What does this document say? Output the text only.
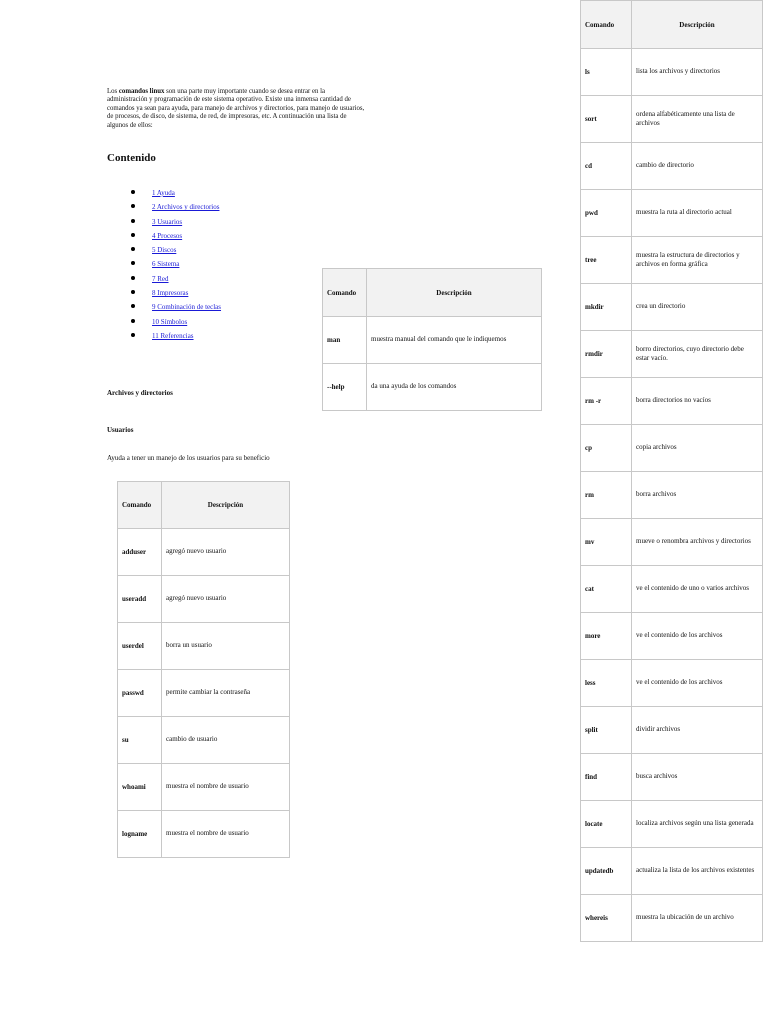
Los comandos linux son una parte muy importante cuando se desea entrar en la administración y programación de este sistema operativo. Existe una inmensa cantidad de comandos ya sean para ayuda, para manejo de archivos y directorios, para manejo de usuarios, de procesos, de disco, de sistema, de red, de impresoras, etc. A continuación una lista de algunos de ellos:

Contenido
1 Ayuda
2 Archivos y directorios
3 Usuarios
4 Procesos
5 Discos
6 Sistema
7 Red
8 Impresoras
9 Combinación de teclas
10 Símbolos
11 Referencias
Comando	Descripción
man	muestra manual del comando que le indiquemos
--help	da una ayuda de los comandos
Archivos y directorios
Usuarios

Ayuda a tener un manejo de los usuarios para su beneficio

Comando	Descripción
adduser	agregó nuevo usuario
useradd	agregó nuevo usuario
userdel	borra un usuario
passwd	permite cambiar la contraseña
su	cambio de usuario
whoami	muestra el nombre de usuario
logname	muestra el nombre de usuario
Comando	Descripción
ls	lista los archivos y directorios
sort	ordena alfabéticamente una lista de archivos
cd	cambio de directorio
pwd	muestra la ruta al directorio actual
tree	muestra la estructura de directorios y archivos en forma gráfica
mkdir	crea un directorio
rmdir	borro directorios, cuyo directorio debe estar vacío.
rm -r	borra directorios no vacíos
cp	copia archivos
rm	borra archivos
mv	mueve o renombra archivos y directorios
cat	ve el contenido de uno o varios archivos
more	ve el contenido de los archivos
less	ve el contenido de los archivos
split	dividir archivos
find	busca archivos
locate	localiza archivos según una lista generada
updatedb	actualiza la lista de los archivos existentes
whereis	muestra la ubicación de un archivo
